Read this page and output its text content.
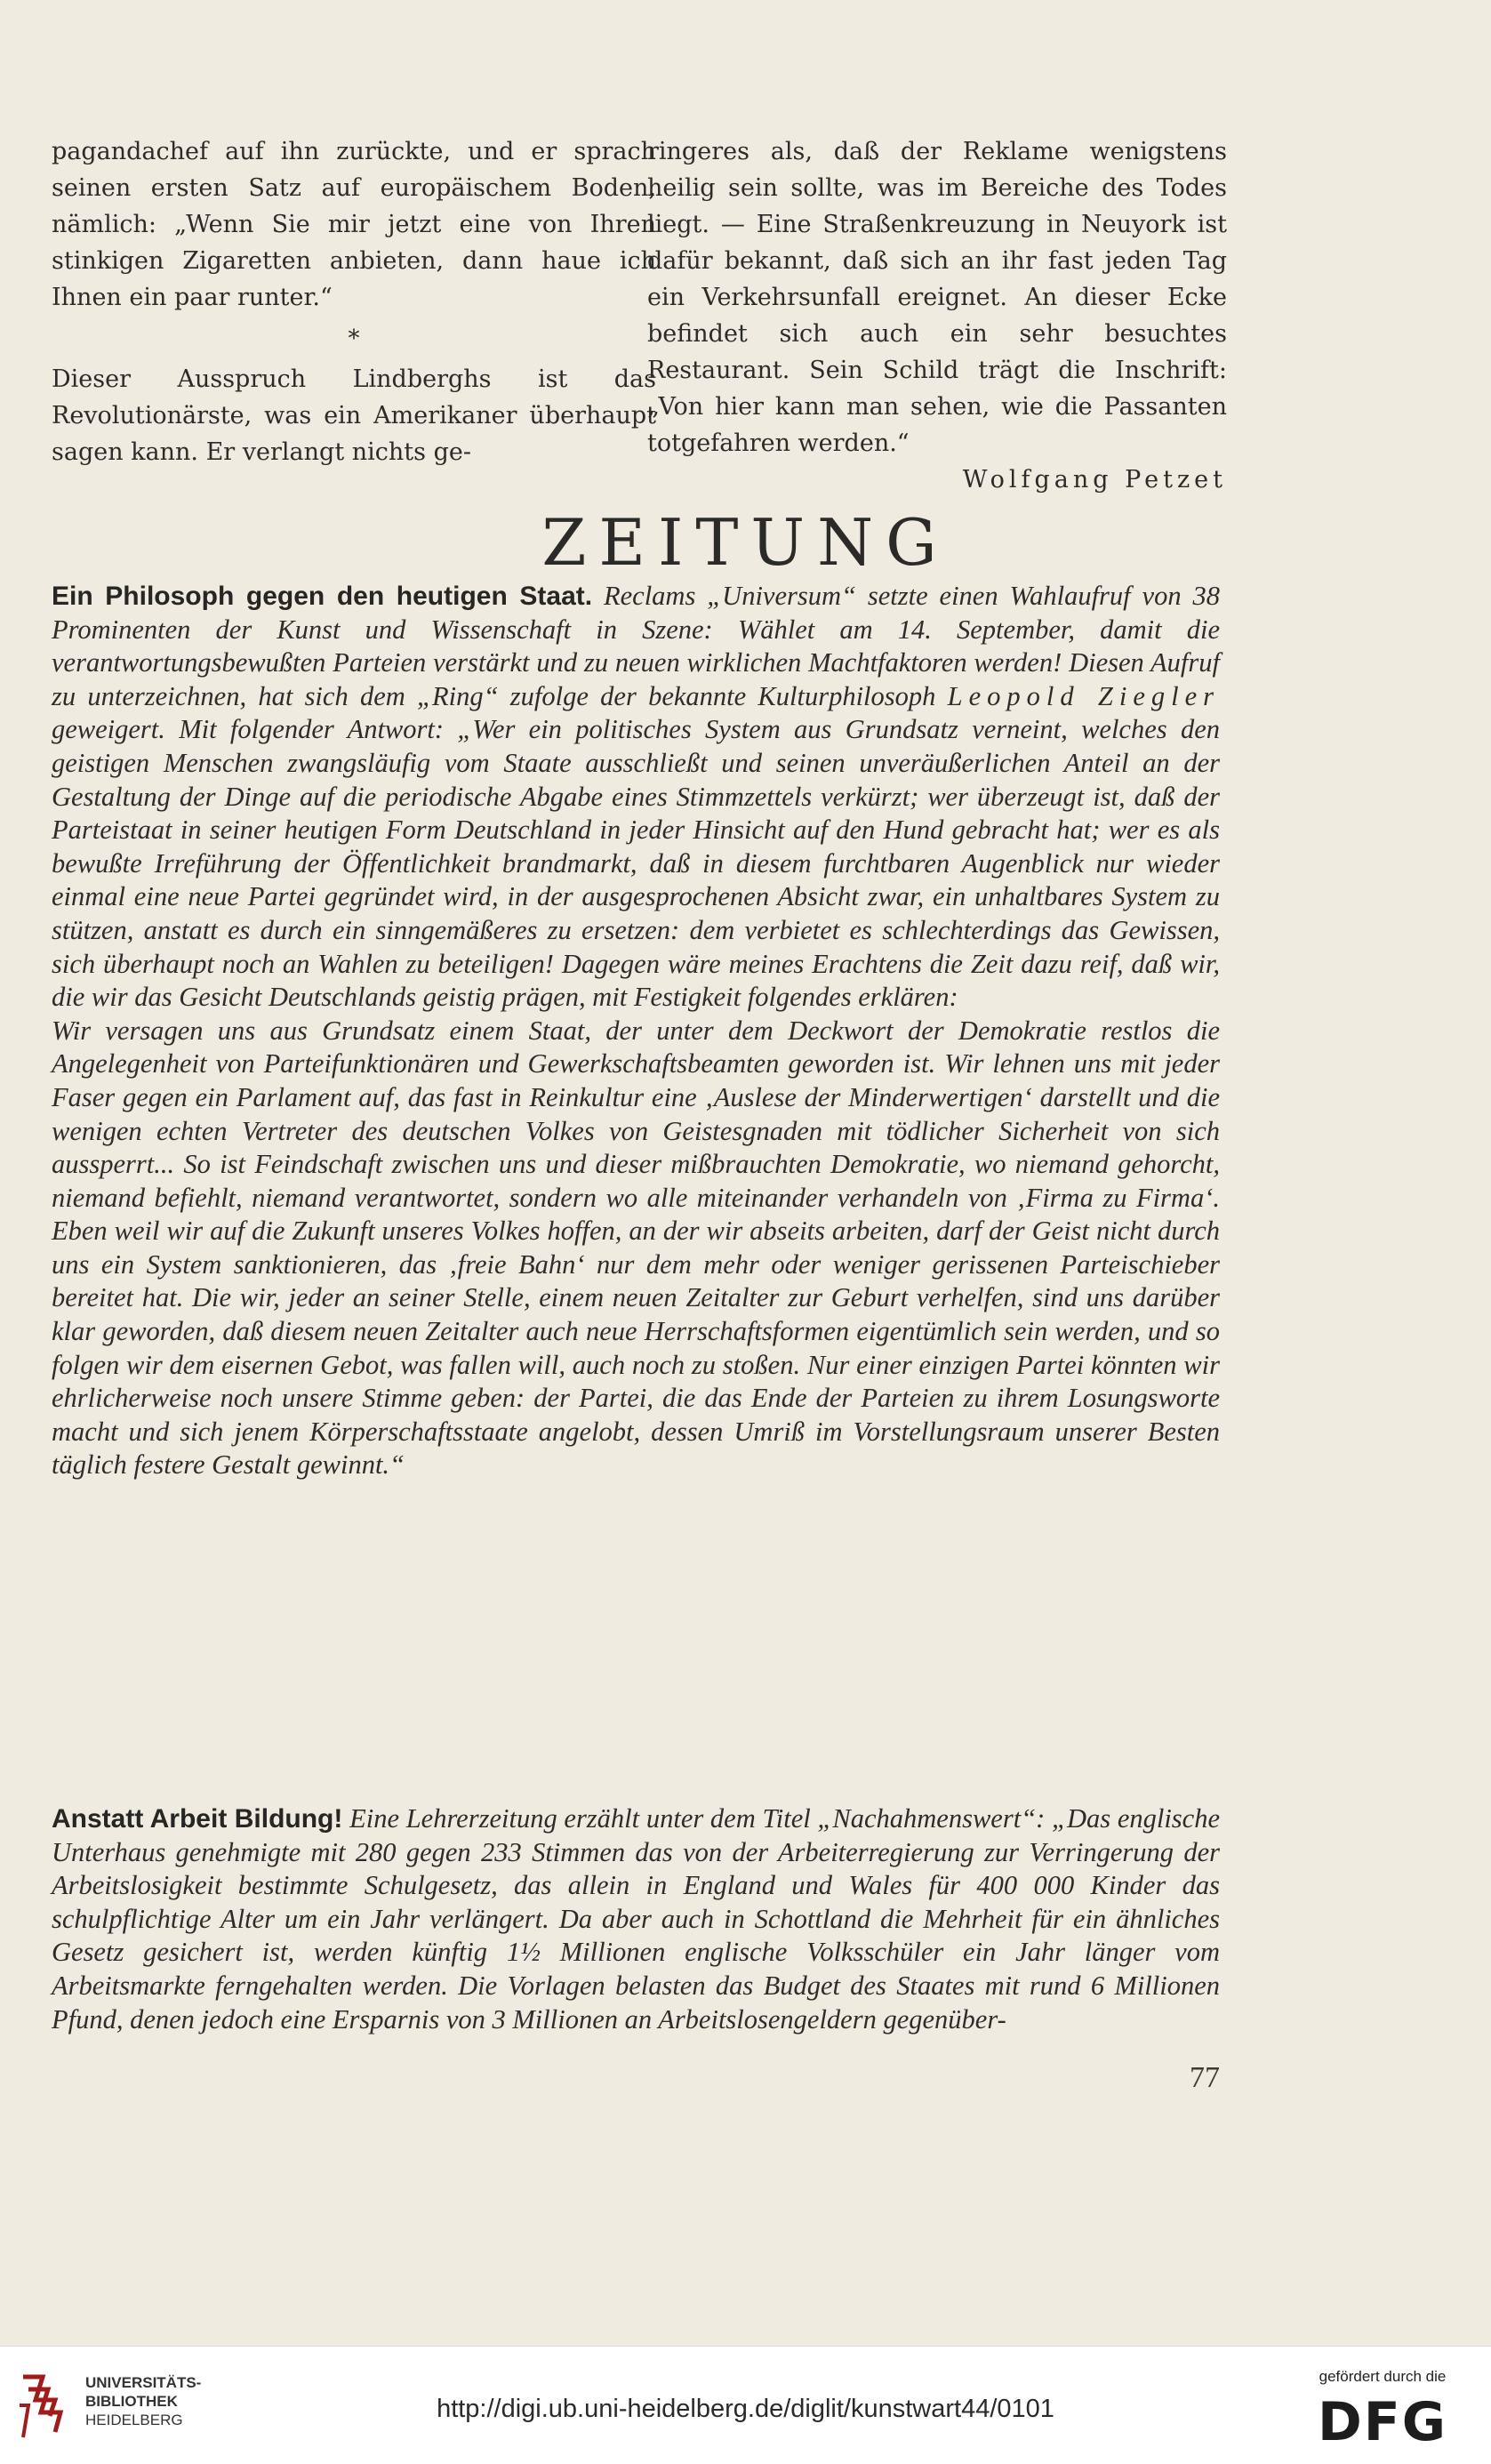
pagandachef auf ihn zurückte, und er sprach seinen ersten Satz auf europäischem Boden, nämlich: „Wenn Sie mir jetzt eine von Ihren stinkigen Zigaretten anbieten, dann haue ich Ihnen ein paar runter.“

*

Dieser Ausspruch Lindberghs ist das Revolutionärste, was ein Amerikaner überhaupt sagen kann. Er verlangt nichts ge-

ringeres als, daß der Reklame wenigstens heilig sein sollte, was im Bereiche des Todes liegt. — Eine Straßenkreuzung in Neuyork ist dafür bekannt, daß sich an ihr fast jeden Tag ein Verkehrsunfall ereignet. An dieser Ecke befindet sich auch ein sehr besuchtes Restaurant. Sein Schild trägt die Inschrift: „Von hier kann man sehen, wie die Passanten totgefahren werden.“

Wolfgang Petzet

ZEITUNG

Ein Philosoph gegen den heutigen Staat. Reclams „Universum“ setzte einen Wahlaufruf von 38 Prominenten der Kunst und Wissenschaft in Szene: Wählet am 14. September, damit die verantwortungsbewußten Parteien verstärkt und zu neuen wirklichen Machtfaktoren werden! Diesen Aufruf zu unterzeichnen, hat sich dem „Ring“ zufolge der bekannte Kulturphilosoph Leopold Ziegler geweigert. Mit folgender Antwort: „Wer ein politisches System aus Grundsatz verneint, welches den geistigen Menschen zwangsläufig vom Staate ausschließt und seinen unveräußerlichen Anteil an der Gestaltung der Dinge auf die periodische Abgabe eines Stimmzettels verkürzt; wer überzeugt ist, daß der Parteistaat in seiner heutigen Form Deutschland in jeder Hinsicht auf den Hund gebracht hat; wer es als bewußte Irreführung der Öffentlichkeit brandmarkt, daß in diesem furchtbaren Augenblick nur wieder einmal eine neue Partei gegründet wird, in der ausgesprochenen Absicht zwar, ein unhaltbares System zu stützen, anstatt es durch ein sinngemäßeres zu ersetzen: dem verbietet es schlechterdings das Gewissen, sich überhaupt noch an Wahlen zu beteiligen! Dagegen wäre meines Erachtens die Zeit dazu reif, daß wir, die wir das Gesicht Deutschlands geistig prägen, mit Festigkeit folgendes erklären:

Wir versagen uns aus Grundsatz einem Staat, der unter dem Deckwort der Demokratie restlos die Angelegenheit von Parteifunktionären und Gewerkschaftsbeamten geworden ist. Wir lehnen uns mit jeder Faser gegen ein Parlament auf, das fast in Reinkultur eine ‚Auslese der Minderwertigen‘ darstellt und die wenigen echten Vertreter des deutschen Volkes von Geistesgnaden mit tödlicher Sicherheit von sich aussperrt... So ist Feindschaft zwischen uns und dieser mißbrauchten Demokratie, wo niemand gehorcht, niemand befiehlt, niemand verantwortet, sondern wo alle miteinander verhandeln von ‚Firma zu Firma‘. Eben weil wir auf die Zukunft unseres Volkes hoffen, an der wir abseits arbeiten, darf der Geist nicht durch uns ein System sanktionieren, das ‚freie Bahn‘ nur dem mehr oder weniger gerissenen Parteischieber bereitet hat. Die wir, jeder an seiner Stelle, einem neuen Zeitalter zur Geburt verhelfen, sind uns darüber klar geworden, daß diesem neuen Zeitalter auch neue Herrschaftsformen eigentümlich sein werden, und so folgen wir dem eisernen Gebot, was fallen will, auch noch zu stoßen. Nur einer einzigen Partei könnten wir ehrlicherweise noch unsere Stimme geben: der Partei, die das Ende der Parteien zu ihrem Losungsworte macht und sich jenem Körperschaftsstaate angelobt, dessen Umriß im Vorstellungsraum unserer Besten täglich festere Gestalt gewinnt.“

Anstatt Arbeit Bildung! Eine Lehrerzeitung erzählt unter dem Titel „Nachahmenswert“: „Das englische Unterhaus genehmigte mit 280 gegen 233 Stimmen das von der Arbeiterregierung zur Verringerung der Arbeitslosigkeit bestimmte Schulgesetz, das allein in England und Wales für 400 000 Kinder das schulpflichtige Alter um ein Jahr verlängert. Da aber auch in Schottland die Mehrheit für ein ähnliches Gesetz gesichert ist, werden künftig 1½ Millionen englische Volksschüler ein Jahr länger vom Arbeitsmarkte ferngehalten werden. Die Vorlagen belasten das Budget des Staates mit rund 6 Millionen Pfund, denen jedoch eine Ersparnis von 3 Millionen an Arbeitslosengeldern gegenüber-

77
UNIVERSITÄTS-
BIBLIOTHEK
HEIDELBERG	http://digi.ub.uni-heidelberg.de/diglit/kunstwart44/0101
gefördert durch die
DFG
